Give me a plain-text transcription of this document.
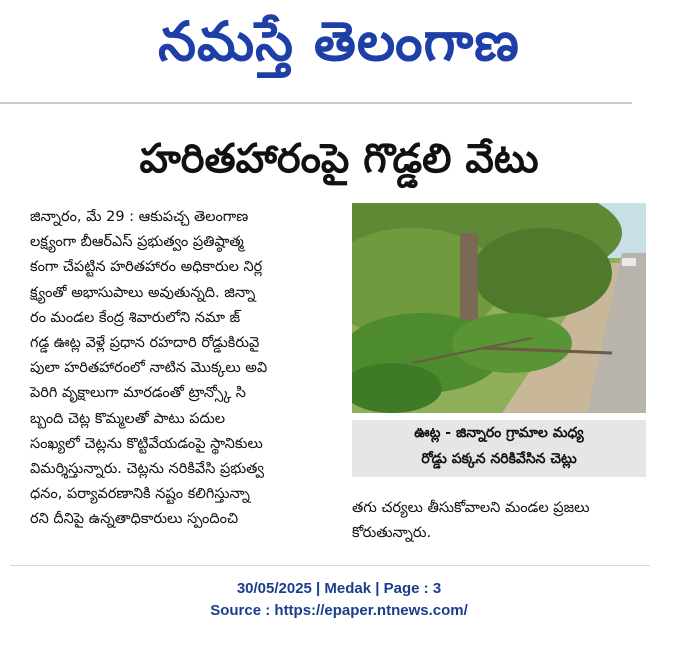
నమస్తే తెలంగాణ
హరితహారంపై గొడ్డలి వేటు
జిన్నారం, మే 29 : ఆకుపచ్చ తెలంగాణ
లక్ష్యంగా బీఆర్ఎస్ ప్రభుత్వం ప్రతిష్ఠాత్మ
కంగా చేపట్టిన హరితహారం అధికారుల నిర్ల
క్ష్యంతో అభాసుపాలు అవుతున్నది. జిన్నా
రం మండల కేంద్ర శివారులోని నమా జ్
గడ్డ ఊట్ల వెళ్లే ప్రధాన రహదారి రోడ్డుకిరువై
పులా హరితహారంలో నాటిన మొక్కలు అవి
పెరిగి వృక్షాలుగా మారడంతో ట్రాన్స్కో సి
బ్బంది చెట్ల కొమ్మలతో పాటు పదుల
సంఖ్యలో చెట్లను కొట్టివేయడంపై స్థానికులు
విమర్శిస్తున్నారు. చెట్లను నరికివేసి ప్రభుత్వ
ధనం, పర్యావరణానికి నష్టం కలిగిస్తున్నా
రని దీనిపై ఉన్నతాధికారులు స్పందించి
ఊట్ల - జిన్నారం గ్రామాల మధ్య
రోడ్డు పక్కన నరికివేసిన చెట్లు
తగు చర్యలు తీసుకోవాలని మండల ప్రజలు
కోరుతున్నారు.
30/05/2025 | Medak | Page : 3
Source : https://epaper.ntnews.com/
